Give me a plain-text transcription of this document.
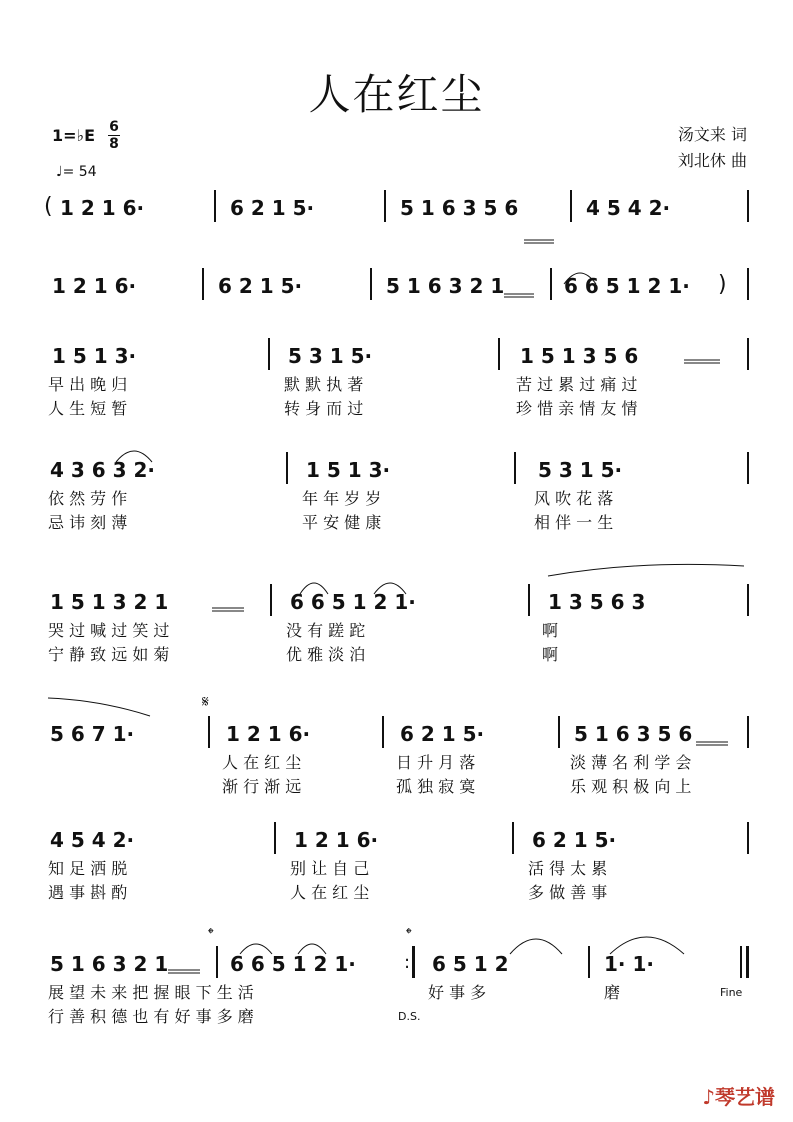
人在红尘
汤文来 词
刘北休 曲
1=♭E 6
8
♩= 54
( 1 2 1 6·	6 2 1 5·	5 1 6 3 5 6	4 5 4 2·
1 2 1 6·	6 2 1 5·	5 1 6 3 2 1	6 6 5 1 2 1· )
1 5 1 3·	5 3 1 5·	1 5 1 3 5 6
早 出 晚 归	默 默 执 著	苦 过 累 过 痛 过
人 生 短 暂	转 身 而 过	珍 惜 亲 情 友 情
4 3 6 3 2·	1 5 1 3·	5 3 1 5·
依 然 劳 作	年 年 岁 岁	风 吹 花 落
忌 讳 刻 薄	平 安 健 康	相 伴 一 生
1 5 1 3 2 1	6 6 5 1 2 1·	1 3 5 6 3
哭 过 喊 过 笑 过	没 有 蹉 跎	啊
宁 静 致 远 如 菊	优 雅 淡 泊	啊
5 6 7 1·
𝄋
1 2 1 6·	6 2 1 5·	5 1 6 3 5 6
人 在 红 尘	日 升 月 落	淡 薄 名 利 学 会
渐 行 渐 远	孤 独 寂 寞	乐 观 积 极 向 上
4 5 4 2·	1 2 1 6·	6 2 1 5·
知 足 洒 脱	别 让 自 己	活 得 太 累
遇 事 斟 酌	人 在 红 尘	多 做 善 事
5 1 6 3 2 1
𝄌
6 6 5 1 2 1·
𝄌
: 6 5 1 2	1· 1·
展 望 未 来 把 握 眼 下 生 活	好 事 多	磨	Fine
行 善 积 德 也 有 好 事 多 磨	D.S.
♪琴艺谱
